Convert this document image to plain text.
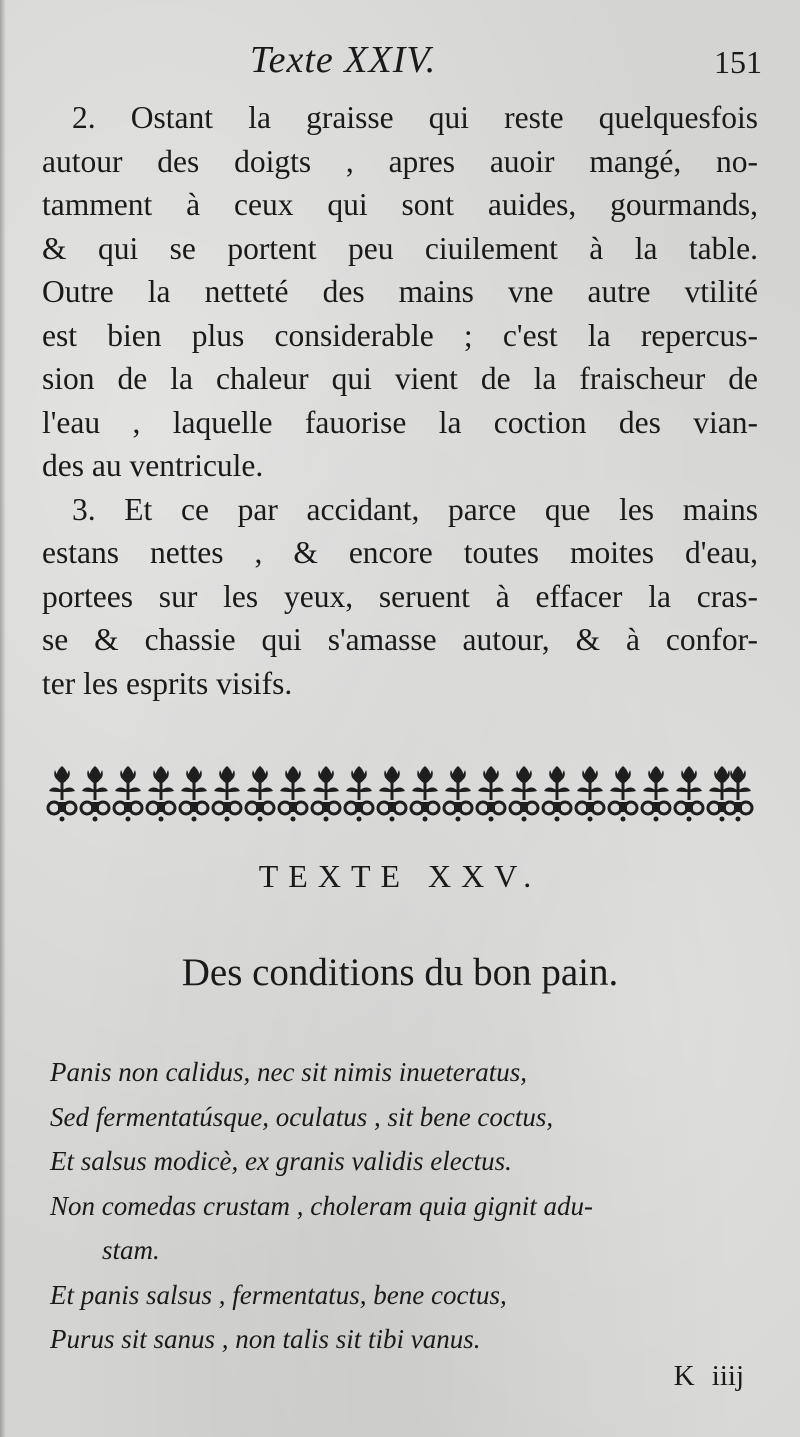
Texte XXIV.	151
2. Ostant la graisse qui reste quelquesfois
autour des doigts , apres auoir mangé, no-
tamment à ceux qui sont auides, gourmands,
& qui se portent peu ciuilement à la table.
Outre la netteté des mains vne autre vtilité
est bien plus considerable ; c'est la repercus-
sion de la chaleur qui vient de la fraischeur de
l'eau , laquelle fauorise la coction des vian-
des au ventricule.
3. Et ce par accidant, parce que les mains
estans nettes , & encore toutes moites d'eau,
portees sur les yeux, seruent à effacer la cras-
se & chassie qui s'amasse autour, & à confor-
ter les esprits visifs.
TEXTE XXV.
Des conditions du bon pain.
Panis non calidus, nec sit nimis inueteratus,
Sed fermentatúsque, oculatus , sit bene coctus,
Et salsus modicè, ex granis validis electus.
Non comedas crustam , choleram quia gignit adu-
stam.
Et panis salsus , fermentatus, bene coctus,
Purus sit sanus , non talis sit tibi vanus.
K iiij
